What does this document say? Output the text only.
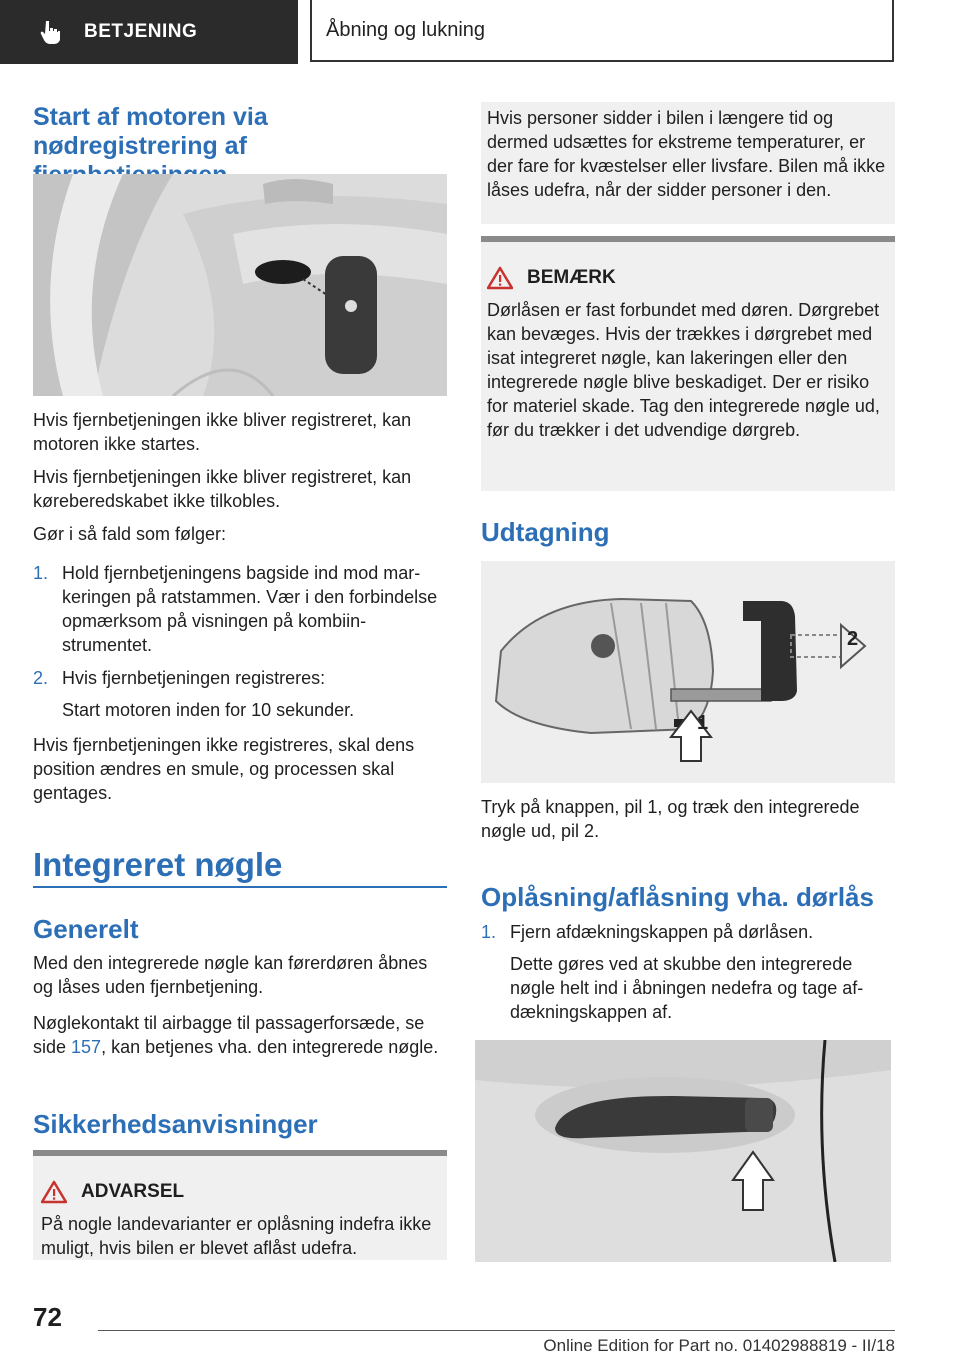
BETJENING	Åbning og lukning
Start af motoren via nødregistrering af

Hvis fjernbetjeningen ikke bliver registreret, kan motoren ikke startes.

Hvis fjernbetjeningen ikke bliver registreret, kan køreberedskabet ikke tilkobles.

Gør i så fald som følger:

1. Hold fjernbetjeningens bagside ind mod markeringen på ratstammen. Vær i den forbindelse opmærksom på visningen på kombiinstrumentet.
2. Hvis fjernbetjeningen registreres:
Start motoren inden for 10 sekunder.

Hvis fjernbetjeningen ikke registreres, skal dens position ændres en smule, og processen skal gentages.

Integreret nøgle
Generelt

Med den integrerede nøgle kan førerdøren åbnes og låses uden fjernbetjening.

Nøglekontakt til airbagge til passagerforsæde, se side 157, kan betjenes vha. den integrerede nøgle.

Sikkerhedsanvisninger
ADVARSEL

På nogle landevarianter er oplåsning indefra ikke muligt, hvis bilen er blevet aflåst udefra.

Hvis personer sidder i bilen i længere tid og dermed udsættes for ekstreme temperaturer, er der fare for kvæstelser eller livsfare. Bilen må ikke låses udefra, når der sidder personer i den.

BEMÆRK

Dørlåsen er fast forbundet med døren. Dørgrebet kan bevæges. Hvis der trækkes i dørgrebet med isat integreret nøgle, kan lakeringen eller den integrerede nøgle blive beskadiget. Der er risiko for materiel skade. Tag den integrerede nøgle ud, før du trækker i det udvendige dørgreb.

Udtagning
1
2

Tryk på knappen, pil 1, og træk den integrerede nøgle ud, pil 2.

Oplåsning/aflåsning vha. dørlås
1. Fjern afdækningskappen på dørlåsen.
Dette gøres ved at skubbe den integrerede nøgle helt ind i åbningen nedefra og tage afdækningskappen af.
72
Online Edition for Part no. 01402988819 - II/18
